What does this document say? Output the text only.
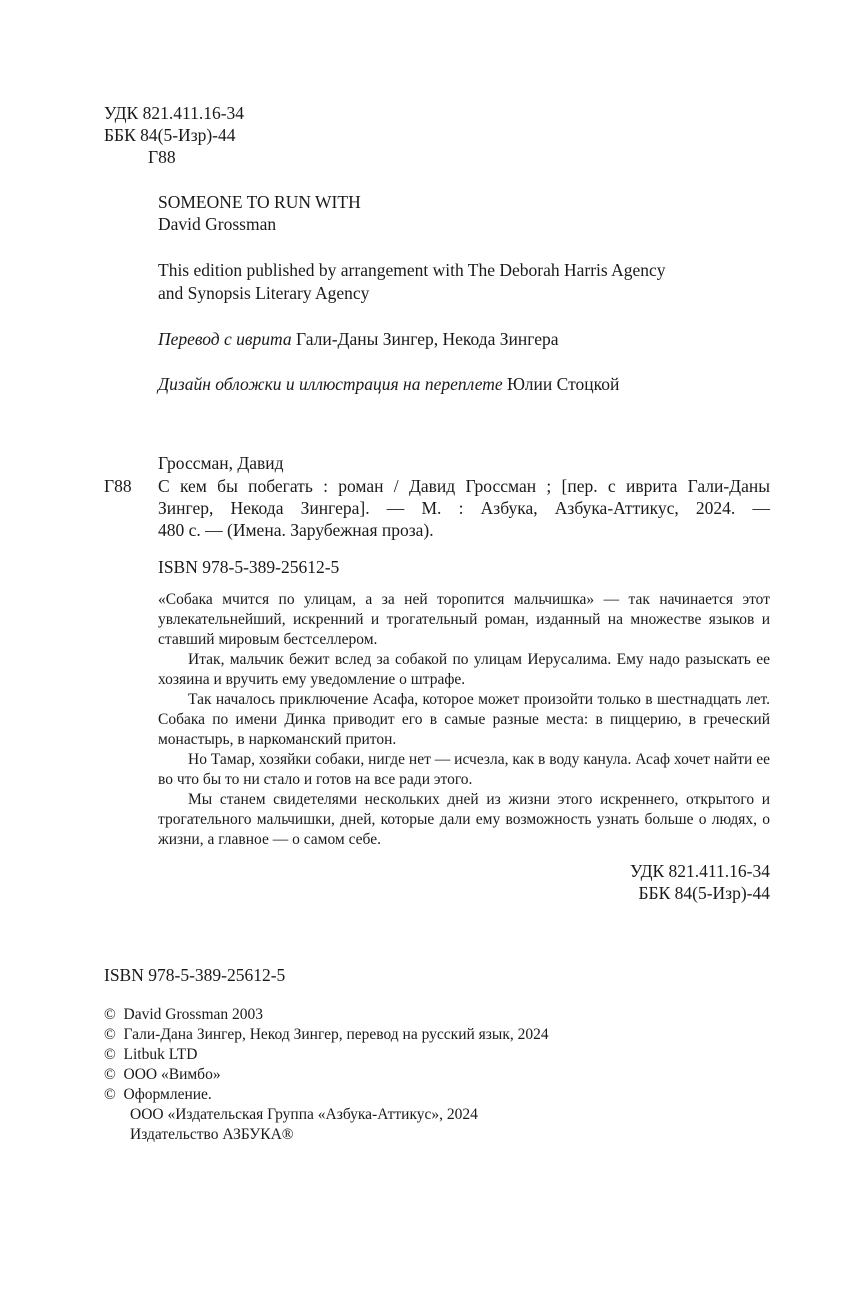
УДК 821.411.16-34
ББК 84(5-Изр)-44
Г88
SOMEONE TO RUN WITH
David Grossman
This edition published by arrangement with The Deborah Harris Agency
and Synopsis Literary Agency
Перевод с иврита Гали-Даны Зингер, Некода Зингера
Дизайн обложки и иллюстрация на переплете Юлии Стоцкой
Гроссман, Давид
Г88 С кем бы побегать : роман / Давид Гроссман ; [пер. с иврита Гали-Даны
Зингер, Некода Зингера]. — М. : Азбука, Азбука-Аттикус, 2024. —
480 с. — (Имена. Зарубежная проза).
ISBN 978-5-389-25612-5

«Собака мчится по улицам, а за ней торопится мальчишка» — так начинается этот увлекательнейший, искренний и трогательный роман, изданный на множестве языков и ставший мировым бестселлером.

Итак, мальчик бежит вслед за собакой по улицам Иерусалима. Ему надо разыскать ее хозяина и вручить ему уведомление о штрафе.

Так началось приключение Асафа, которое может произойти только в шестнадцать лет. Собака по имени Динка приводит его в самые разные места: в пиццерию, в греческий монастырь, в наркоманский притон.

Но Тамар, хозяйки собаки, нигде нет — исчезла, как в воду канула. Асаф хочет найти ее во что бы то ни стало и готов на все ради этого.

Мы станем свидетелями нескольких дней из жизни этого искреннего, открытого и трогательного мальчишки, дней, которые дали ему возможность узнать больше о людях, о жизни, а главное — о самом себе.

УДК 821.411.16-34
ББК 84(5-Изр)-44
ISBN 978-5-389-25612-5
© David Grossman 2003
© Гали-Дана Зингер, Некод Зингер, перевод на русский язык, 2024
© Litbuk LTD
© ООО «Вимбо»
© Оформление.
ООО «Издательская Группа «Азбука-Аттикус», 2024
Издательство АЗБУКА®
